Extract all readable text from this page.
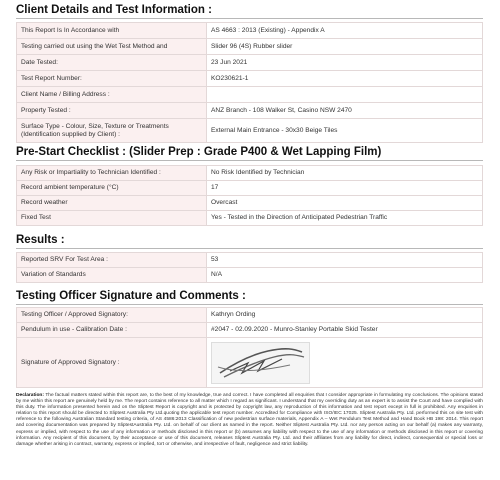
Client Details and Test Information :
This Report Is In Accordance with	AS 4663 : 2013 (Existing) - Appendix A
Testing carried out using the Wet Test Method and	Slider 96 (4S) Rubber slider
Date Tested:	23 Jun 2021
Test Report Number:	KO230621-1
Client Name / Billing Address :	
Property Tested :	ANZ Branch - 108 Walker St, Casino NSW 2470
Surface Type - Colour, Size, Texture or Treatments
(Identification supplied by Client) :	External Main Entrance - 30x30 Beige Tiles
Pre-Start Checklist : (Slider Prep : Grade P400 & Wet Lapping Film)
Any Risk or Impartiality to Technician Identified :	No Risk Identified by Technician
Record ambient temperature (°C)	17
Record weather	Overcast
Fixed Test	Yes - Tested in the Direction of Anticipated Pedestrian Traffic
Results :
Reported SRV For Test Area :	53
Variation of Standards	N/A
Testing Officer Signature and Comments :
Testing Officer / Approved Signatory:	Kathryn Ording
Pendulum in use - Calibration Date :	#2047 - 02.09.2020 - Munro-Stanley Portable Skid Tester
Signature of Approved Signatory :	
Declaration: The factual matters stated within this report are, to the best of my knowledge, true and correct. I have completed all enquiries that I consider appropriate in formulating my conclusions. The opinions stated by me within this report are genuinely held by me. The report contains reference to all matter which I regard as significant. I understand that my overriding duty as an expert is to assist the Court and have complied with this duty. The information presented herein and on the Sliptest Report is copyright and is protected by copyright law, any reproduction of this information and test report except in full is prohibited. Any enquiries in relation to this report should be directed to Sliptest Australia Pty Ltd.quoting the applicable test report number. Accredited for Compliance with ISO/IEC 17025. Sliptest Australia Pty. Ltd. performed this on site test with reference to the following Australian Standard testing criteria, of AS 4586:2013 Classification of new pedestrian surface materials, Appendix A – Wet Pendulum Test Method and Hand Book HB 198: 2014. This report and covering documentation was prepared by SliptestAustralia Pty. Ltd. on behalf of our client as named in the report. Neither Sliptest Australia Pty. Ltd. nor any person acting on our behalf (a) makes any warranty, express or implied, with respect to the use of any information or methods disclosed in this report or (b) assumes any liability with respect to the use of any information or methods disclosed in this report or covering information. Any recipient of this document, by their acceptance or use of this document, releases Sliptest Australia Pty. Ltd. and their affiliates from any liability for direct, indirect, consequential or special loss or damage whether arising in contract, warranty, express or implied, tort or otherwise, and irrespective of fault, negligence and strict liability.
